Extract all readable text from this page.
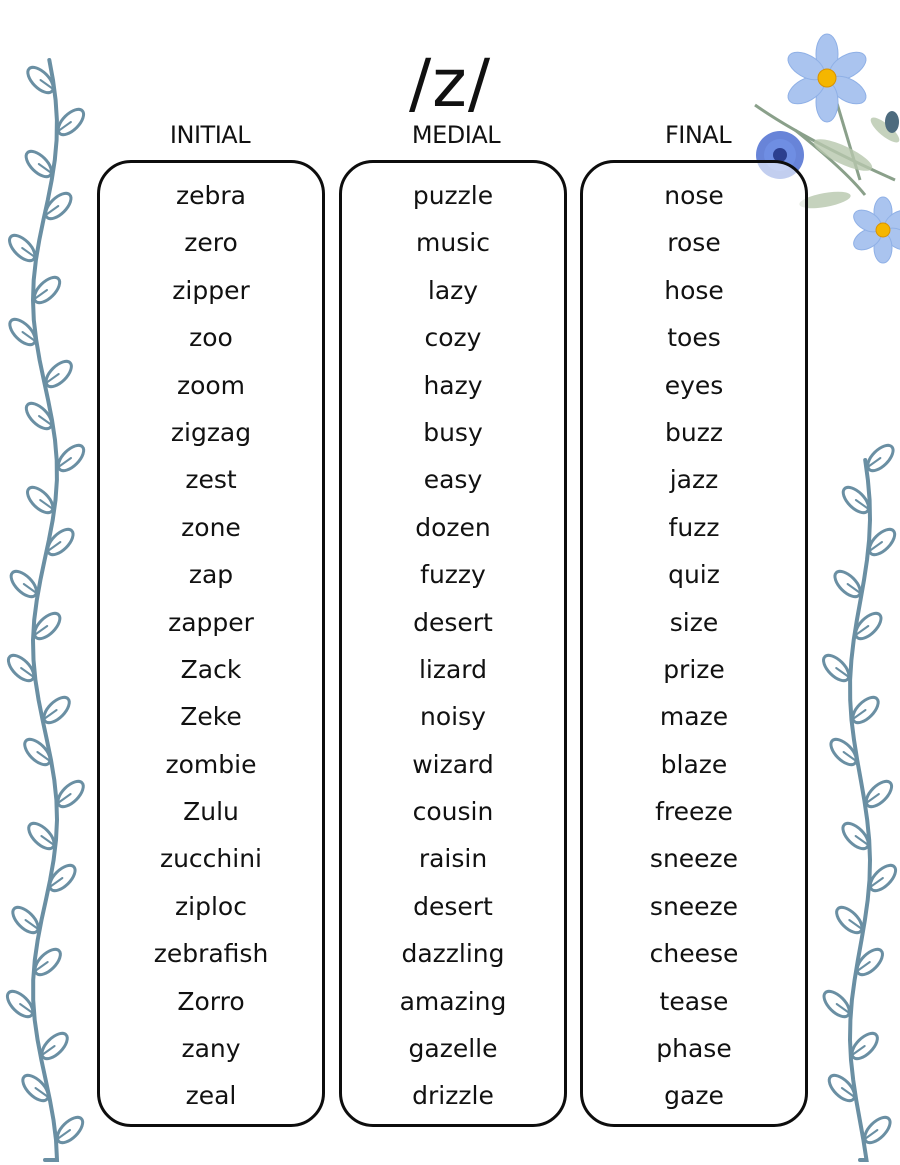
/z/
INITIAL	MEDIAL	FINAL
zebra
zero
zipper
zoo
zoom
zigzag
zest
zone
zap
zapper
Zack
Zeke
zombie
Zulu
zucchini
ziploc
zebrafish
Zorro
zany
zeal
puzzle
music
lazy
cozy
hazy
busy
easy
dozen
fuzzy
desert
lizard
noisy
wizard
cousin
raisin
desert
dazzling
amazing
gazelle
drizzle
nose
rose
hose
toes
eyes
buzz
jazz
fuzz
quiz
size
prize
maze
blaze
freeze
sneeze
sneeze
cheese
tease
phase
gaze
